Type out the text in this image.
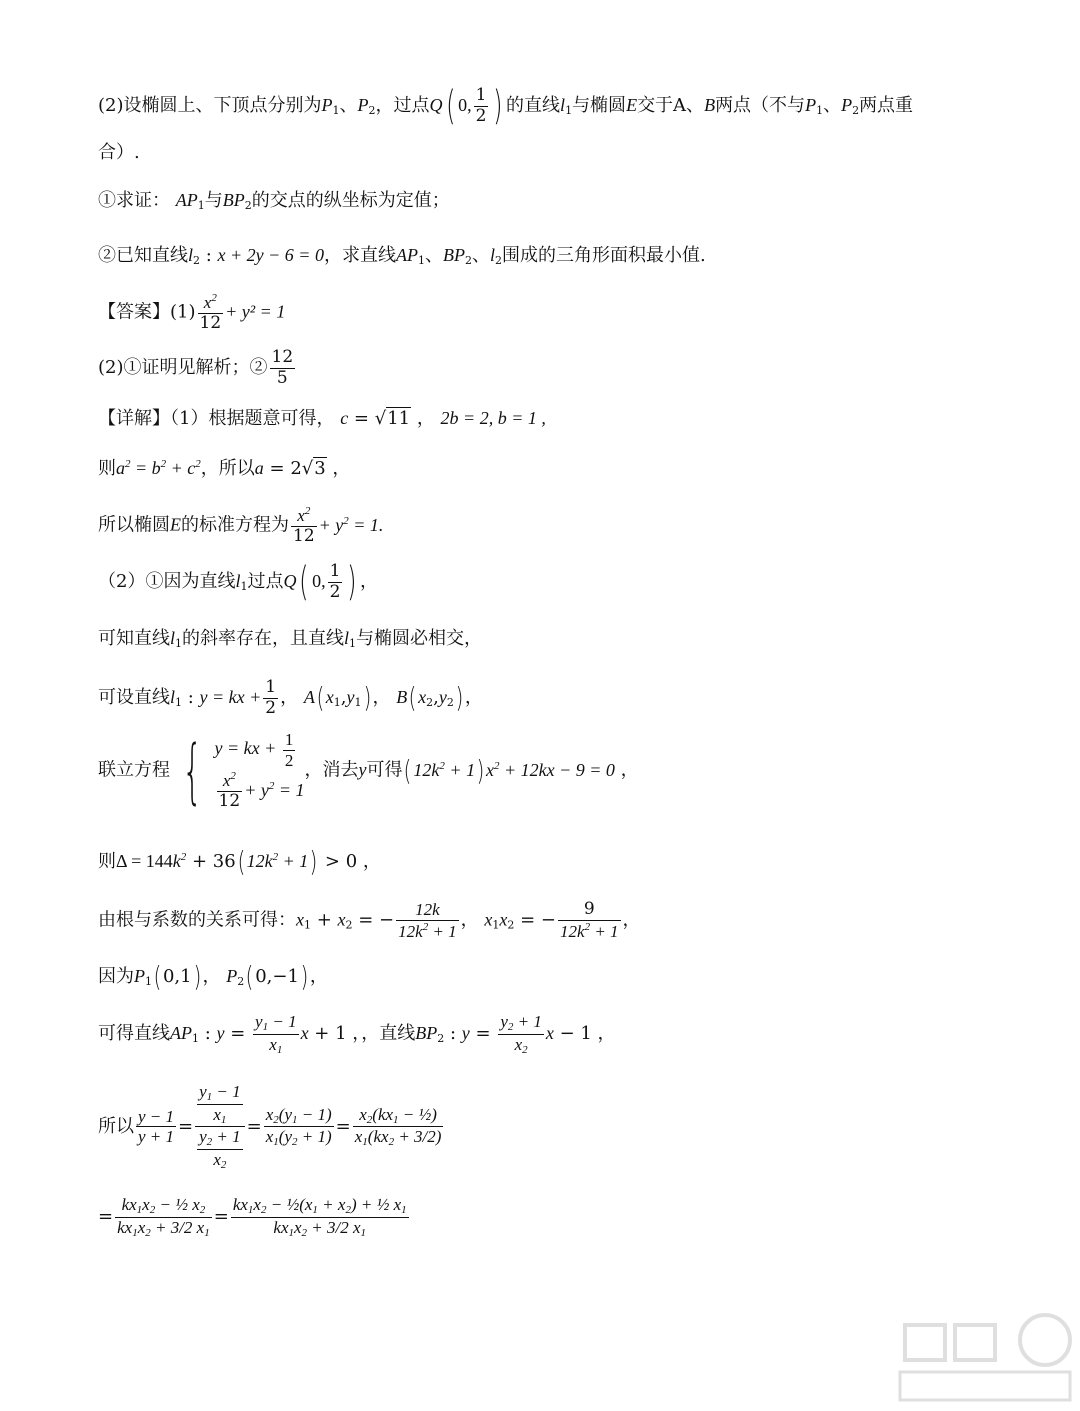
(2)设椭圆上、下顶点分别为$P_1$、$P_2$，过点Q( 0, $\frac{1}{2}$ ) 的直线$l_1$与椭圆E交于A、B两点（不与$P_1$、$P_2$两点重
合）.
①求证： $AP_1$与$BP_2$的交点的纵坐标为定值；
②已知直线$l_2$ : x + 2y − 6 = 0，求直线$AP_1$、$BP_2$、$l_2$围成的三角形面积最小值.
【答案】$(1) \frac{x^2}{12} + y^2 = 1$
(2)①证明见解析；② $\frac{12}{5}$
【详解】（1）根据题意可得， c = √11 ， 2b = 2, b = 1 ,
则$a^2 = b^2 + c^2$，所以a = 2√3 ，
所以椭圆E的标准方程为 $\frac{x^2}{12} + y^2 = 1$.
（2）①因为直线$l_1$过点Q( 0, $\frac{1}{2}$ ) ，
可知直线$l_1$的斜率存在，且直线$l_1$与椭圆必相交，
可设直线$l_1$ : y = kx + $\frac{1}{2}$ ， $A(x_1,y_1)$， $B(x_2,y_2)$，
联立方程 { y = kx + $\frac{1}{2}$
$\frac{x^2}{12} + y^2 = 1$
，消去y可得$(12k^2 + 1)x^2 + 12kx - 9 = 0$ ，
则$\Delta = 144k^2 + 36(12k^2 + 1) > 0$ ，
由根与系数的关系可得：$x_1 + x_2$ = − $\frac{12k}{12k^2 + 1}$ ， $x_1x_2$ = − $\frac{9}{12k^2 + 1}$ ，
因为$P_1(0,1)$， $P_2(0,-1)$，
可得直线$AP_1$ : $y = \frac{y_1 - 1}{x_1}$ x + 1 ，，直线$BP_2$ : $y = \frac{y_2 + 1}{x_2}$ x − 1 ，
所以 $\frac{y - 1}{y + 1} = \frac{\frac{y_1 - 1}{x_1}}{\frac{y_2 + 1}{x_2}} = \frac{x_2(y_1 - 1)}{x_1(y_2 + 1)} = \frac{x_2(kx_1 - \frac{1}{2})}{x_1(kx_2 + 3/2)}$
= $\frac{kx_1x_2 - \frac{1}{2} x_2}{kx_1x_2 + 3/2 x_1} = \frac{kx_1x_2 - \frac{1}{2}(x_1 + x_2) + \frac{1}{2} x_1}{kx_1x_2 + 3/2 x_1}$
